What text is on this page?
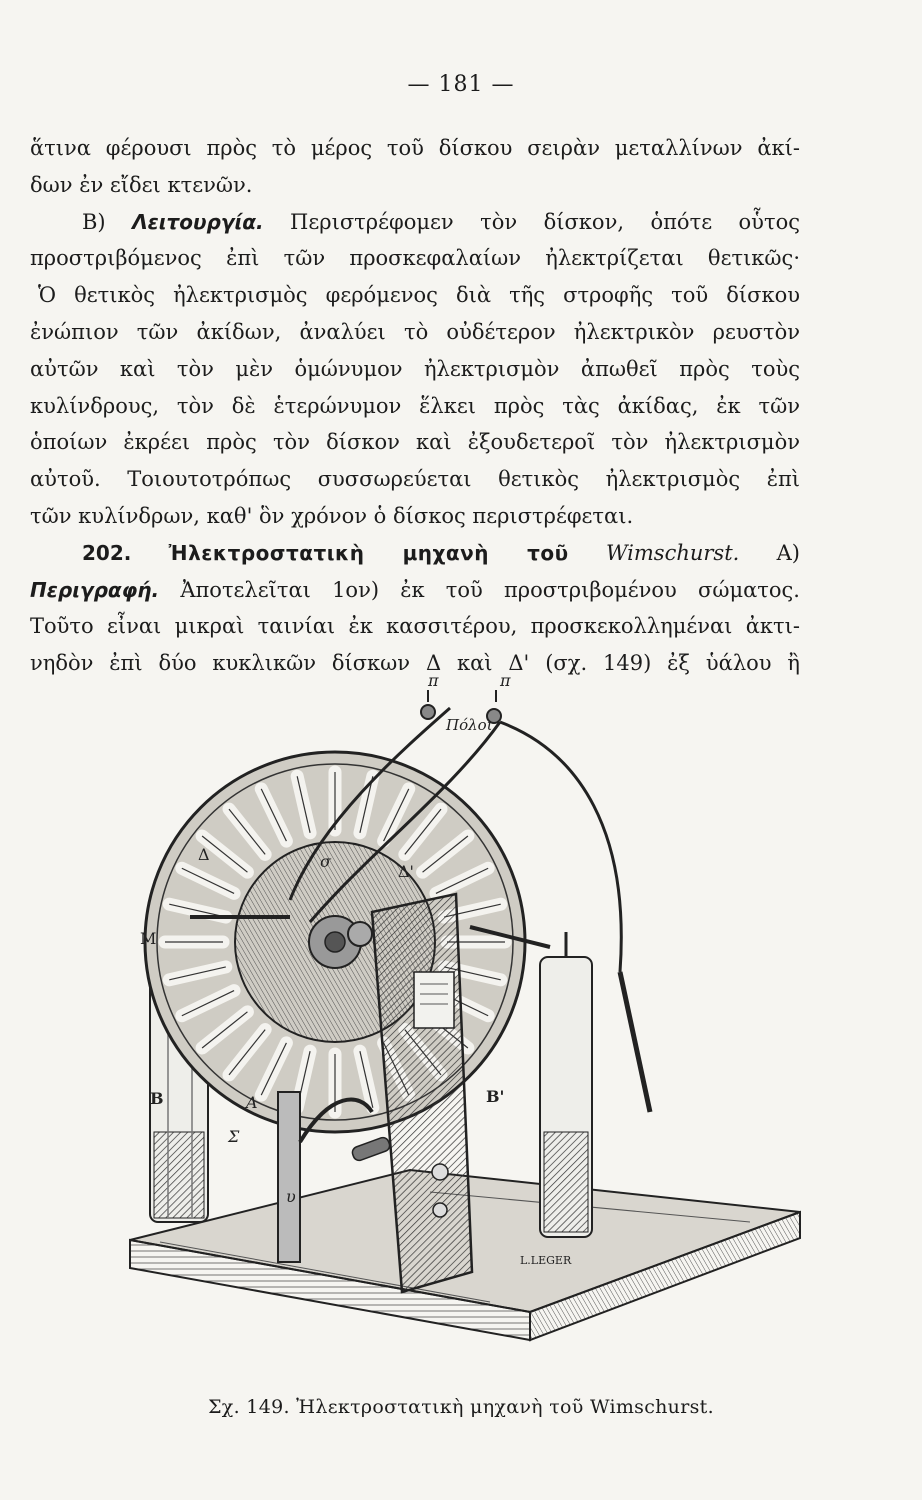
— 181 —
ἅτινα φέρουσι πρὸς τὸ μέρος τοῦ δίσκου σειρὰν μεταλλίνων ἀκί-
δων ἐν εἴδει κτενῶν.
Β) Λειτουργία. Περιστρέφομεν τὸν δίσκον, ὁπότε οὗτος
προστριβόμενος ἐπὶ τῶν προσκεφαλαίων ἠλεκτρίζεται θετικῶς·
Ὁ θετικὸς ἠλεκτρισμὸς φερόμενος διὰ τῆς στροφῆς τοῦ δίσκου
ἐνώπιον τῶν ἀκίδων, ἀναλύει τὸ οὐδέτερον ἠλεκτρικὸν ρευστὸν
αὐτῶν καὶ τὸν μὲν ὁμώνυμον ἠλεκτρισμὸν ἀπωθεῖ πρὸς τοὺς
κυλίνδρους, τὸν δὲ ἑτερώνυμον ἕλκει πρὸς τὰς ἀκίδας, ἐκ τῶν
ὁποίων ἐκρέει πρὸς τὸν δίσκον καὶ ἐξουδετεροῖ τὸν ἠλεκτρισμὸν
αὐτοῦ. Τοιουτοτρόπως συσσωρεύεται θετικὸς ἠλεκτρισμὸς ἐπὶ
τῶν κυλίνδρων, καθ' ὃν χρόνον ὁ δίσκος περιστρέφεται.
202. Ἠλεκτροστατικὴ μηχανὴ τοῦ Wimschurst. Α)
Περιγραφή. Ἀποτελεῖται 1ον) ἐκ τοῦ προστριβομένου σώματος.
Τοῦτο εἶναι μικραὶ ταινίαι ἐκ κασσιτέρου, προσκεκολλημέναι ἀκτι-
νηδὸν ἐπὶ δύο κυκλικῶν δίσκων Δ καὶ Δ' (σχ. 149) ἐξ ὑάλου ἢ
π	π
Πόλοι
σ
Δ
Δ'
Μ
Β	Β'
Α
Σ
υ
L.LEGER
Σχ. 149. Ἠλεκτροστατικὴ μηχανὴ τοῦ Wimschurst.
